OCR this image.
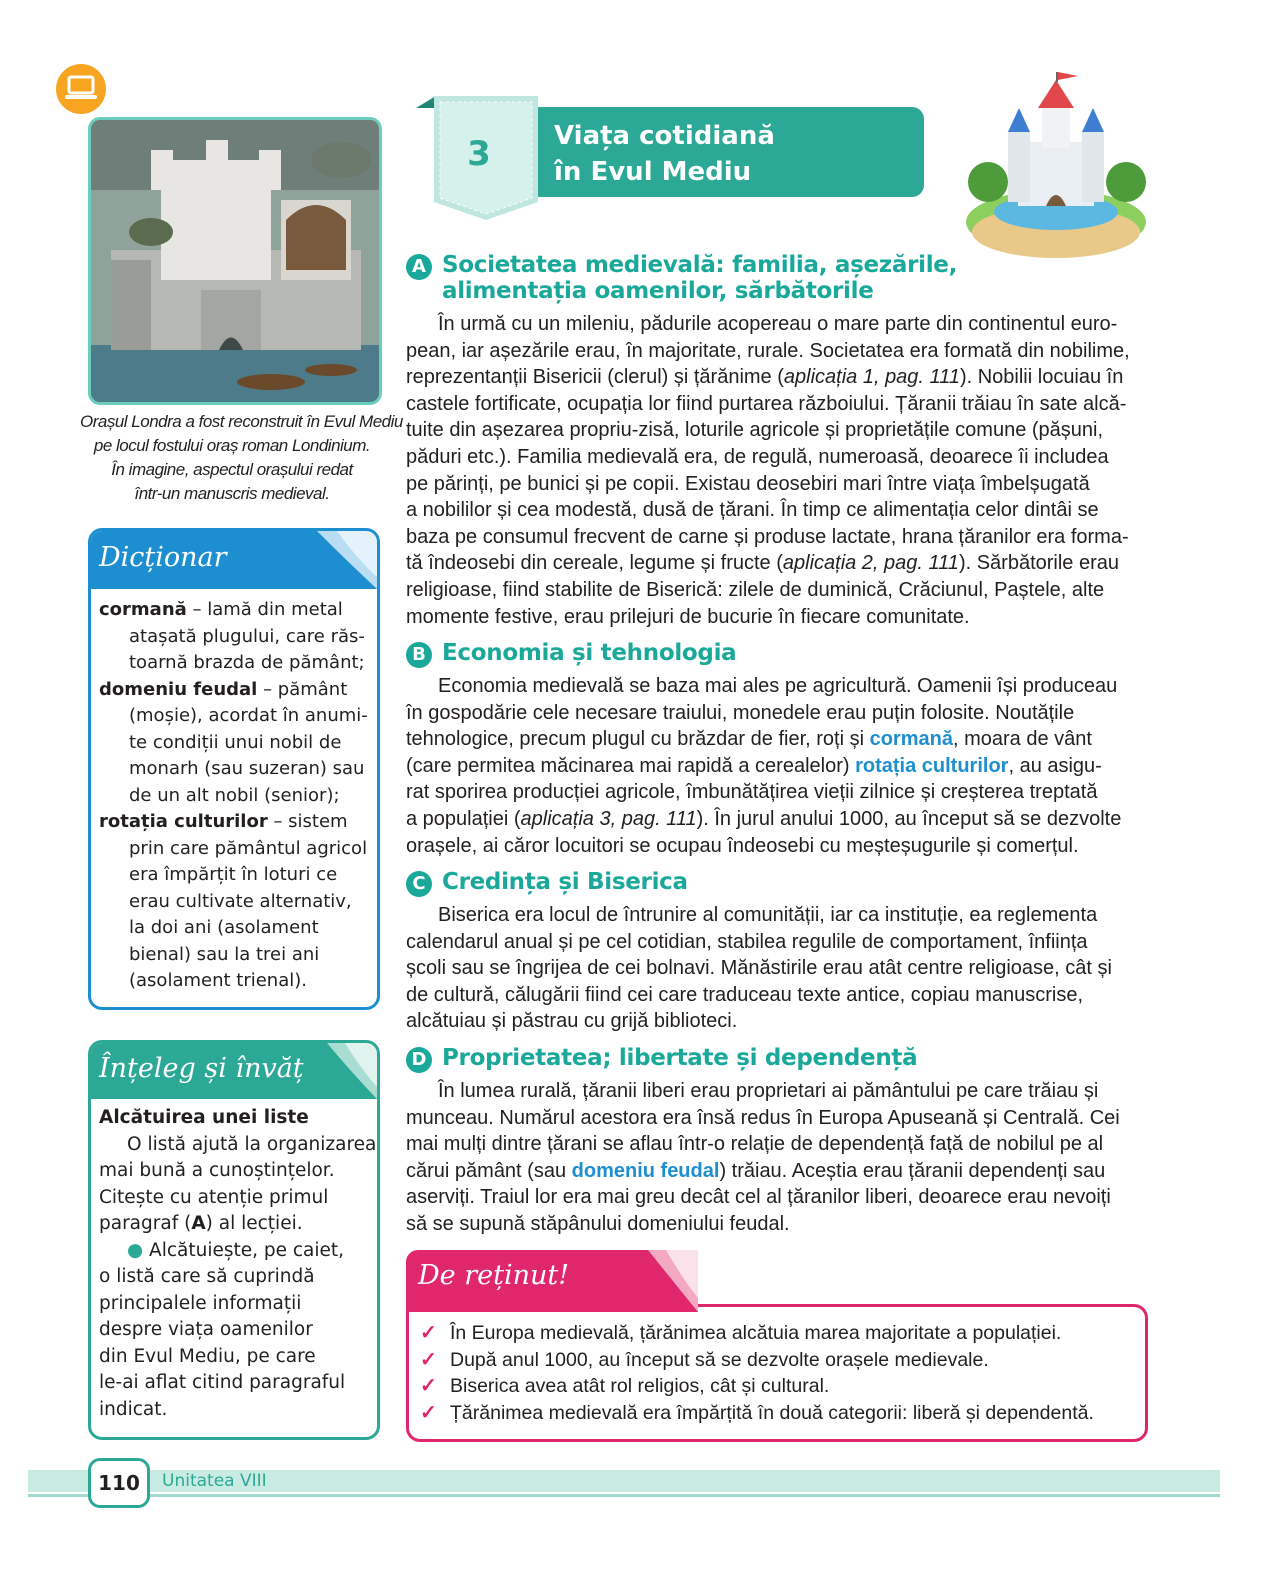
Orașul Londra a fost reconstruit în Evul Mediu
pe locul fostului oraș roman Londinium.
În imagine, aspectul orașului redat
într-un manuscris medieval.
Dicționar
cormană – lamă din metal
atașată plugului, care răs-
toarnă brazda de pământ;
domeniu feudal – pământ
(moșie), acordat în anumi-
te condiții unui nobil de
monarh (sau suzeran) sau
de un alt nobil (senior);
rotația culturilor – sistem
prin care pământul agricol
era împărțit în loturi ce
erau cultivate alternativ,
la doi ani (asolament
bienal) sau la trei ani
(asolament trienal).
Înțeleg și învăț
Alcătuirea unei liste
O listă ajută la organizarea
mai bună a cunoștințelor.
Citește cu atenție primul
paragraf (A) al lecției.
● Alcătuiește, pe caiet,
o listă care să cuprindă
principalele informații
despre viața oamenilor
din Evul Mediu, pe care
le-ai aflat citind paragraful
indicat.
3	Viața cotidiană
în Evul Mediu
A Societatea medievală: familia, așezările,
alimentația oamenilor, sărbătorile
În urmă cu un mileniu, pădurile acopereau o mare parte din continentul euro-
pean, iar așezările erau, în majoritate, rurale. Societatea era formată din nobilime,
reprezentanții Bisericii (clerul) și țărănime (aplicația 1, pag. 111). Nobilii locuiau în
castele fortificate, ocupația lor fiind purtarea războiului. Țăranii trăiau în sate alcă-
tuite din așezarea propriu-zisă, loturile agricole și proprietățile comune (pășuni,
păduri etc.). Familia medievală era, de regulă, numeroasă, deoarece îi includea
pe părinți, pe bunici și pe copii. Existau deosebiri mari între viața îmbelșugată
a nobililor și cea modestă, dusă de țărani. În timp ce alimentația celor dintâi se
baza pe consumul frecvent de carne și produse lactate, hrana țăranilor era forma-
tă îndeosebi din cereale, legume și fructe (aplicația 2, pag. 111). Sărbătorile erau
religioase, fiind stabilite de Biserică: zilele de duminică, Crăciunul, Paștele, alte
momente festive, erau prilejuri de bucurie în fiecare comunitate.
B Economia și tehnologia
Economia medievală se baza mai ales pe agricultură. Oamenii își produceau
în gospodărie cele necesare traiului, monedele erau puțin folosite. Noutățile
tehnologice, precum plugul cu brăzdar de fier, roți și cormană, moara de vânt
(care permitea măcinarea mai rapidă a cerealelor) rotația culturilor, au asigu-
rat sporirea producției agricole, îmbunătățirea vieții zilnice și creșterea treptată
a populației (aplicația 3, pag. 111). În jurul anului 1000, au început să se dezvolte
orașele, ai căror locuitori se ocupau îndeosebi cu meșteșugurile și comerțul.
C Credința și Biserica
Biserica era locul de întrunire al comunității, iar ca instituție, ea reglementa
calendarul anual și pe cel cotidian, stabilea regulile de comportament, înființa
școli sau se îngrijea de cei bolnavi. Mănăstirile erau atât centre religioase, cât și
de cultură, călugării fiind cei care traduceau texte antice, copiau manuscrise,
alcătuiau și păstrau cu grijă biblioteci.
D Proprietatea; libertate și dependență
În lumea rurală, țăranii liberi erau proprietari ai pământului pe care trăiau și
munceau. Numărul acestora era însă redus în Europa Apuseană și Centrală. Cei
mai mulți dintre țărani se aflau într-o relație de dependență față de nobilul pe al
cărui pământ (sau domeniu feudal) trăiau. Aceștia erau țăranii dependenți sau
aserviți. Traiul lor era mai greu decât cel al țăranilor liberi, deoarece erau nevoiți
să se supună stăpânului domeniului feudal.
De reținut!
✓ În Europa medievală, țărănimea alcătuia marea majoritate a populației.
✓ După anul 1000, au început să se dezvolte orașele medievale.
✓ Biserica avea atât rol religios, cât și cultural.
✓ Țărănimea medievală era împărțită în două categorii: liberă și dependentă.
110	Unitatea VIII
